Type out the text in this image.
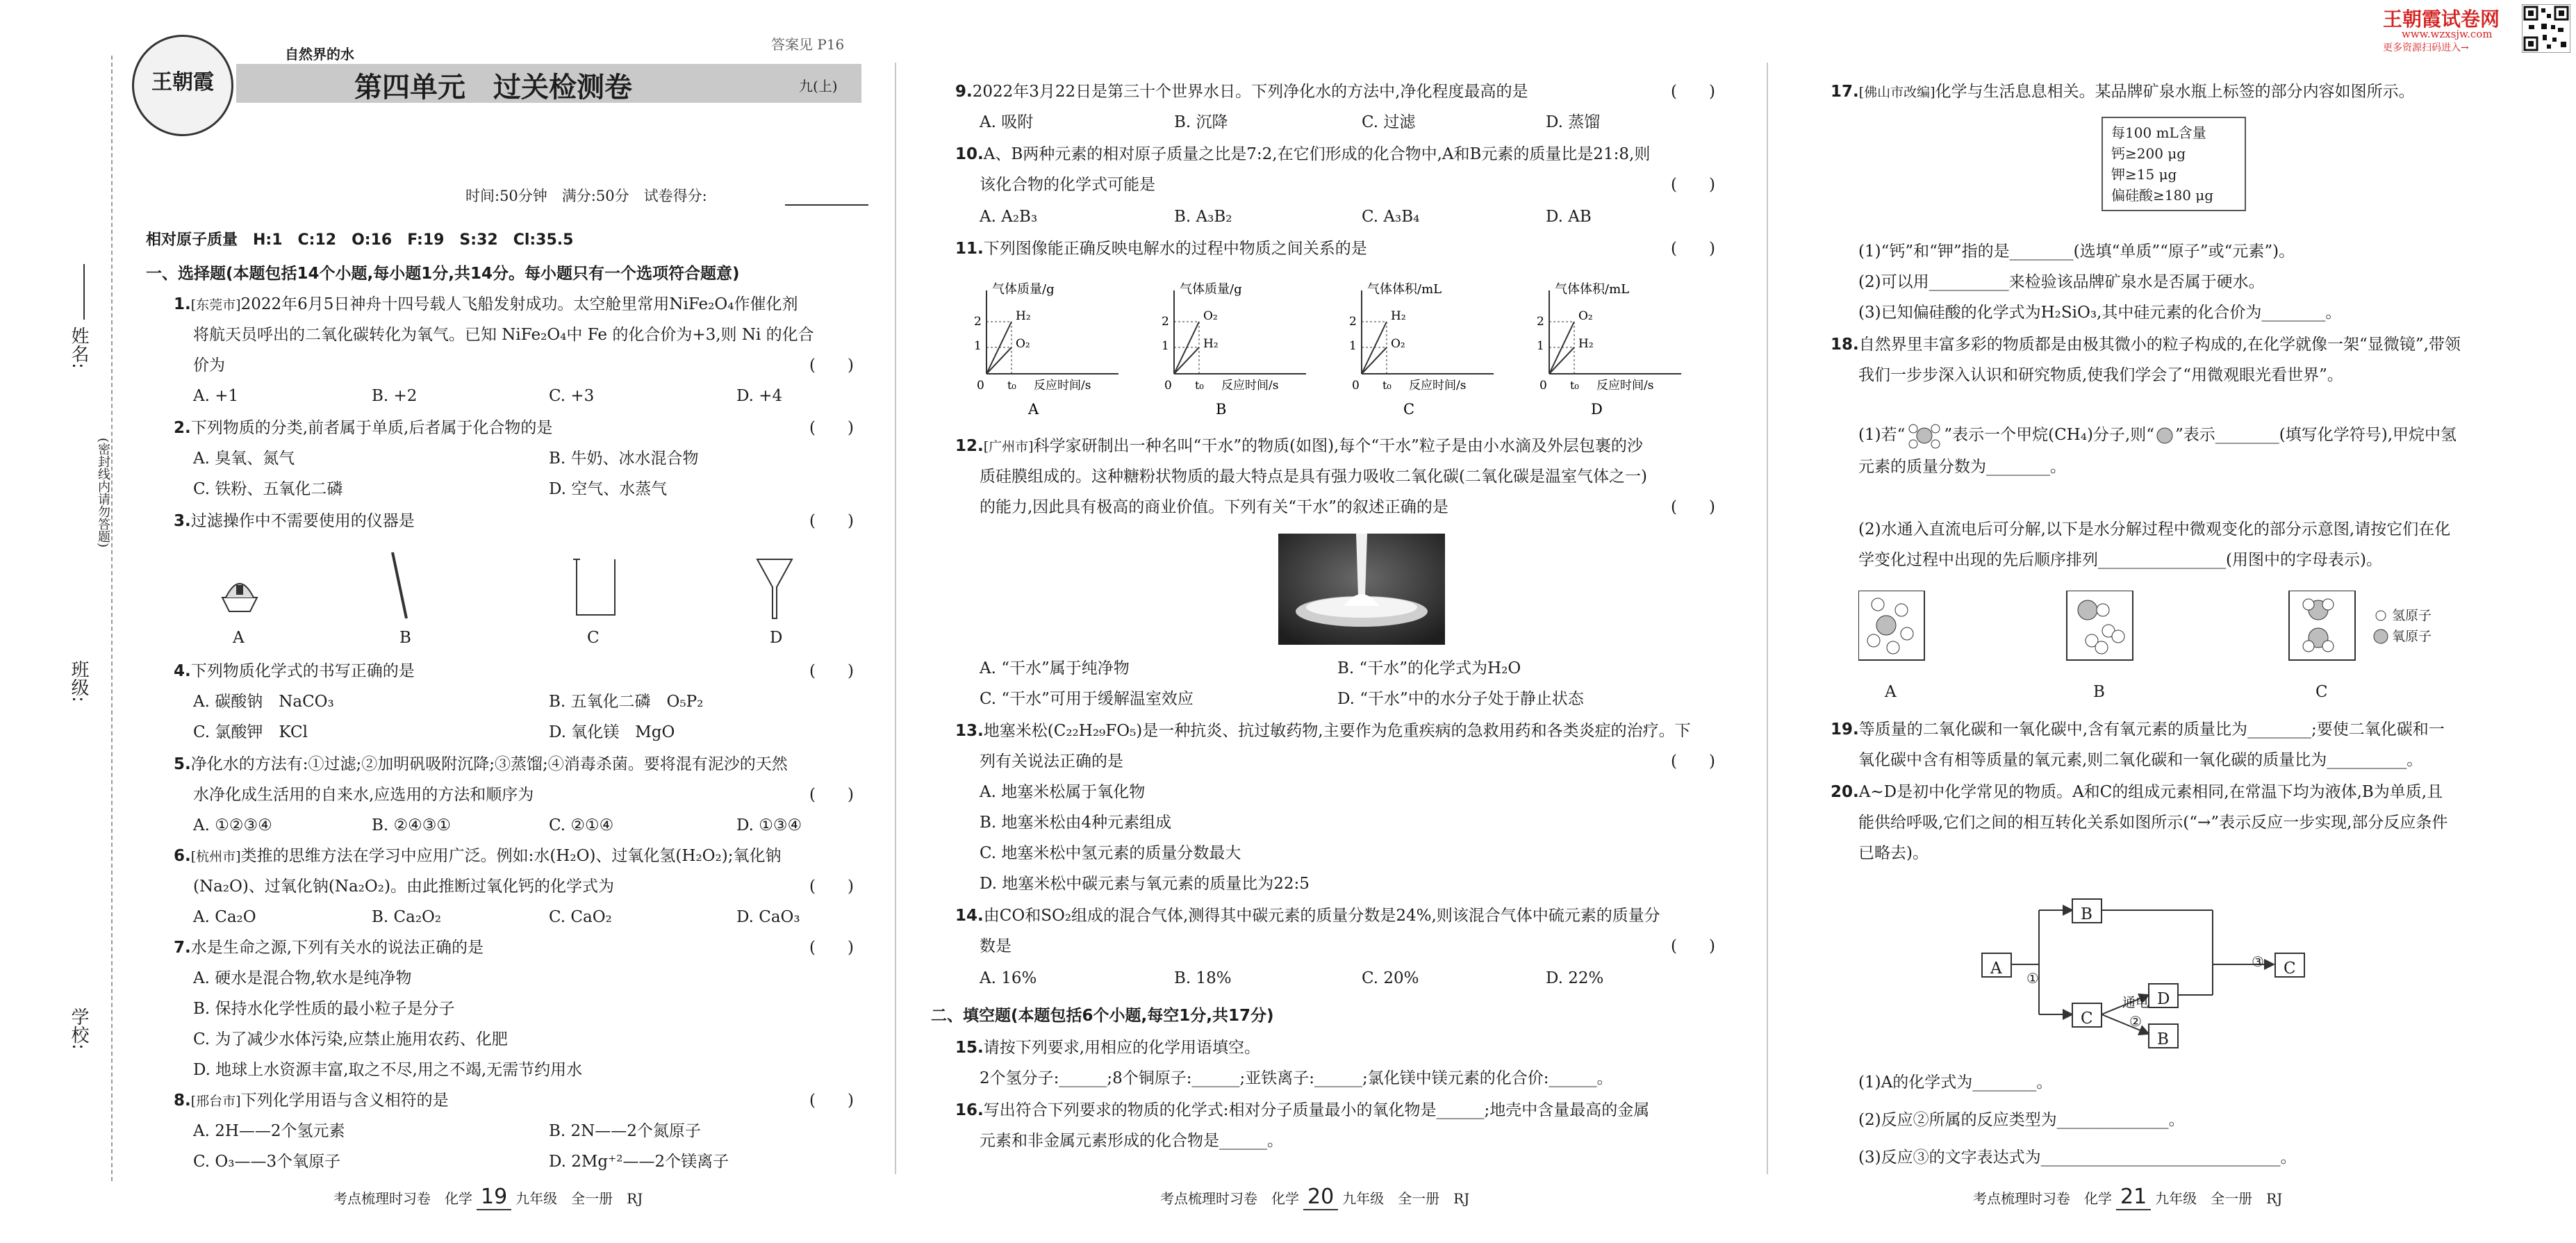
姓名:
班级:
学校:
(密封线内请勿答题)
王朝霞
自然界的水
答案见 P16
第四单元　过关检测卷	九(上)
时间:50分钟　满分:50分　试卷得分:
相对原子质量　H:1　C:12　O:16　F:19　S:32　Cl:35.5
一、选择题(本题包括14个小题,每小题1分,共14分。每小题只有一个选项符合题意)
1.[东莞市]2022年6月5日神舟十四号载人飞船发射成功。太空舱里常用NiFe₂O₄作催化剂
将航天员呼出的二氧化碳转化为氧气。已知 NiFe₂O₄中 Fe 的化合价为+3,则 Ni 的化合
价为	(　　)
A. +1	B. +2	C. +3	D. +4
2.下列物质的分类,前者属于单质,后者属于化合物的是	(　　)
A. 臭氧、氮气	B. 牛奶、冰水混合物
C. 铁粉、五氧化二磷	D. 空气、水蒸气
3.过滤操作中不需要使用的仪器是	(　　)
A	B	C	D
4.下列物质化学式的书写正确的是	(　　)
A. 碳酸钠　NaCO₃	B. 五氧化二磷　O₅P₂
C. 氯酸钾　KCl	D. 氧化镁　MgO
5.净化水的方法有:①过滤;②加明矾吸附沉降;③蒸馏;④消毒杀菌。要将混有泥沙的天然
水净化成生活用的自来水,应选用的方法和顺序为	(　　)
A. ①②③④	B. ②④③①	C. ②①④	D. ①③④
6.[杭州市]类推的思维方法在学习中应用广泛。例如:水(H₂O)、过氧化氢(H₂O₂);氧化钠
(Na₂O)、过氧化钠(Na₂O₂)。由此推断过氧化钙的化学式为	(　　)
A. Ca₂O	B. Ca₂O₂	C. CaO₂	D. CaO₃
7.水是生命之源,下列有关水的说法正确的是	(　　)
A. 硬水是混合物,软水是纯净物
B. 保持水化学性质的最小粒子是分子
C. 为了减少水体污染,应禁止施用农药、化肥
D. 地球上水资源丰富,取之不尽,用之不竭,无需节约用水
8.[邢台市]下列化学用语与含义相符的是	(　　)
A. 2H——2个氢元素	B. 2N——2个氮原子
C. O₃——3个氧原子	D. 2Mg⁺²——2个镁离子
考点梳理时习卷　化学 19 九年级　全一册　RJ
9.2022年3月22日是第三十个世界水日。下列净化水的方法中,净化程度最高的是	(　　)
A. 吸附	B. 沉降	C. 过滤	D. 蒸馏
10.A、B两种元素的相对原子质量之比是7:2,在它们形成的化合物中,A和B元素的质量比是21:8,则
该化合物的化学式可能是	(　　)
A. A₂B₃	B. A₃B₂	C. A₃B₄	D. AB
11.下列图像能正确反映电解水的过程中物质之间关系的是	(　　)
气体质量/g
2
1
0 t₀ 反应时间/s
H₂
O₂
A
气体质量/g
2
1
0 t₀ 反应时间/s
O₂
H₂
B
气体体积/mL
2
1
0 t₀ 反应时间/s
H₂
O₂
C
气体体积/mL
2
1
0 t₀ 反应时间/s
O₂
H₂
D
12.[广州市]科学家研制出一种名叫“干水”的物质(如图),每个“干水”粒子是由小水滴及外层包裹的沙
质硅膜组成的。这种糖粉状物质的最大特点是具有强力吸收二氧化碳(二氧化碳是温室气体之一)
的能力,因此具有极高的商业价值。下列有关“干水”的叙述正确的是	(　　)
A. “干水”属于纯净物	B. “干水”的化学式为H₂O
C. “干水”可用于缓解温室效应	D. “干水”中的水分子处于静止状态
13.地塞米松(C₂₂H₂₉FO₅)是一种抗炎、抗过敏药物,主要作为危重疾病的急救用药和各类炎症的治疗。下
列有关说法正确的是	(　　)
A. 地塞米松属于氧化物
B. 地塞米松由4种元素组成
C. 地塞米松中氢元素的质量分数最大
D. 地塞米松中碳元素与氧元素的质量比为22:5
14.由CO和SO₂组成的混合气体,测得其中碳元素的质量分数是24%,则该混合气体中硫元素的质量分
数是	(　　)
A. 16%	B. 18%	C. 20%	D. 22%
二、填空题(本题包括6个小题,每空1分,共17分)
15.请按下列要求,用相应的化学用语填空。
2个氢分子:______;8个铜原子:______;亚铁离子:______;氯化镁中镁元素的化合价:______。
16.写出符合下列要求的物质的化学式:相对分子质量最小的氧化物是______;地壳中含量最高的金属
元素和非金属元素形成的化合物是______。
考点梳理时习卷　化学 20 九年级　全一册　RJ
王朝霞试卷网
www.wzxsjw.com
更多资源扫码进入→
17.[佛山市改编]化学与生活息息相关。某品牌矿泉水瓶上标签的部分内容如图所示。
每100 mL含量
钙≥200 μg
钾≥15 μg
偏硅酸≥180 μg
(1)“钙”和“钾”指的是________(选填“单质”“原子”或“元素”)。
(2)可以用__________来检验该品牌矿泉水是否属于硬水。
(3)已知偏硅酸的化学式为H₂SiO₃,其中硅元素的化合价为________。
18.自然界里丰富多彩的物质都是由极其微小的粒子构成的,在化学就像一架“显微镜”,带领
我们一步步深入认识和研究物质,使我们学会了“用微观眼光看世界”。
(1)若“ ”表示一个甲烷(CH₄)分子,则“ ”表示________(填写化学符号),甲烷中氢
元素的质量分数为________。
(2)水通入直流电后可分解,以下是水分解过程中微观变化的部分示意图,请按它们在化
学变化过程中出现的先后顺序排列________________(用图中的字母表示)。
氢原子
氧原子
A	B	C
19.等质量的二氧化碳和一氧化碳中,含有氧元素的质量比为________;要使二氧化碳和一
氧化碳中含有相等质量的氧元素,则二氧化碳和一氧化碳的质量比为__________。
20.A~D是初中化学常见的物质。A和C的组成元素相同,在常温下均为液体,B为单质,且
能供给呼吸,它们之间的相互转化关系如图所示(“→”表示反应一步实现,部分反应条件
已略去)。
A
B
C
D
B
C
①
通电
②
③
(1)A的化学式为________。
(2)反应②所属的反应类型为______________。
(3)反应③的文字表达式为______________________________。
考点梳理时习卷　化学 21 九年级　全一册　RJ
